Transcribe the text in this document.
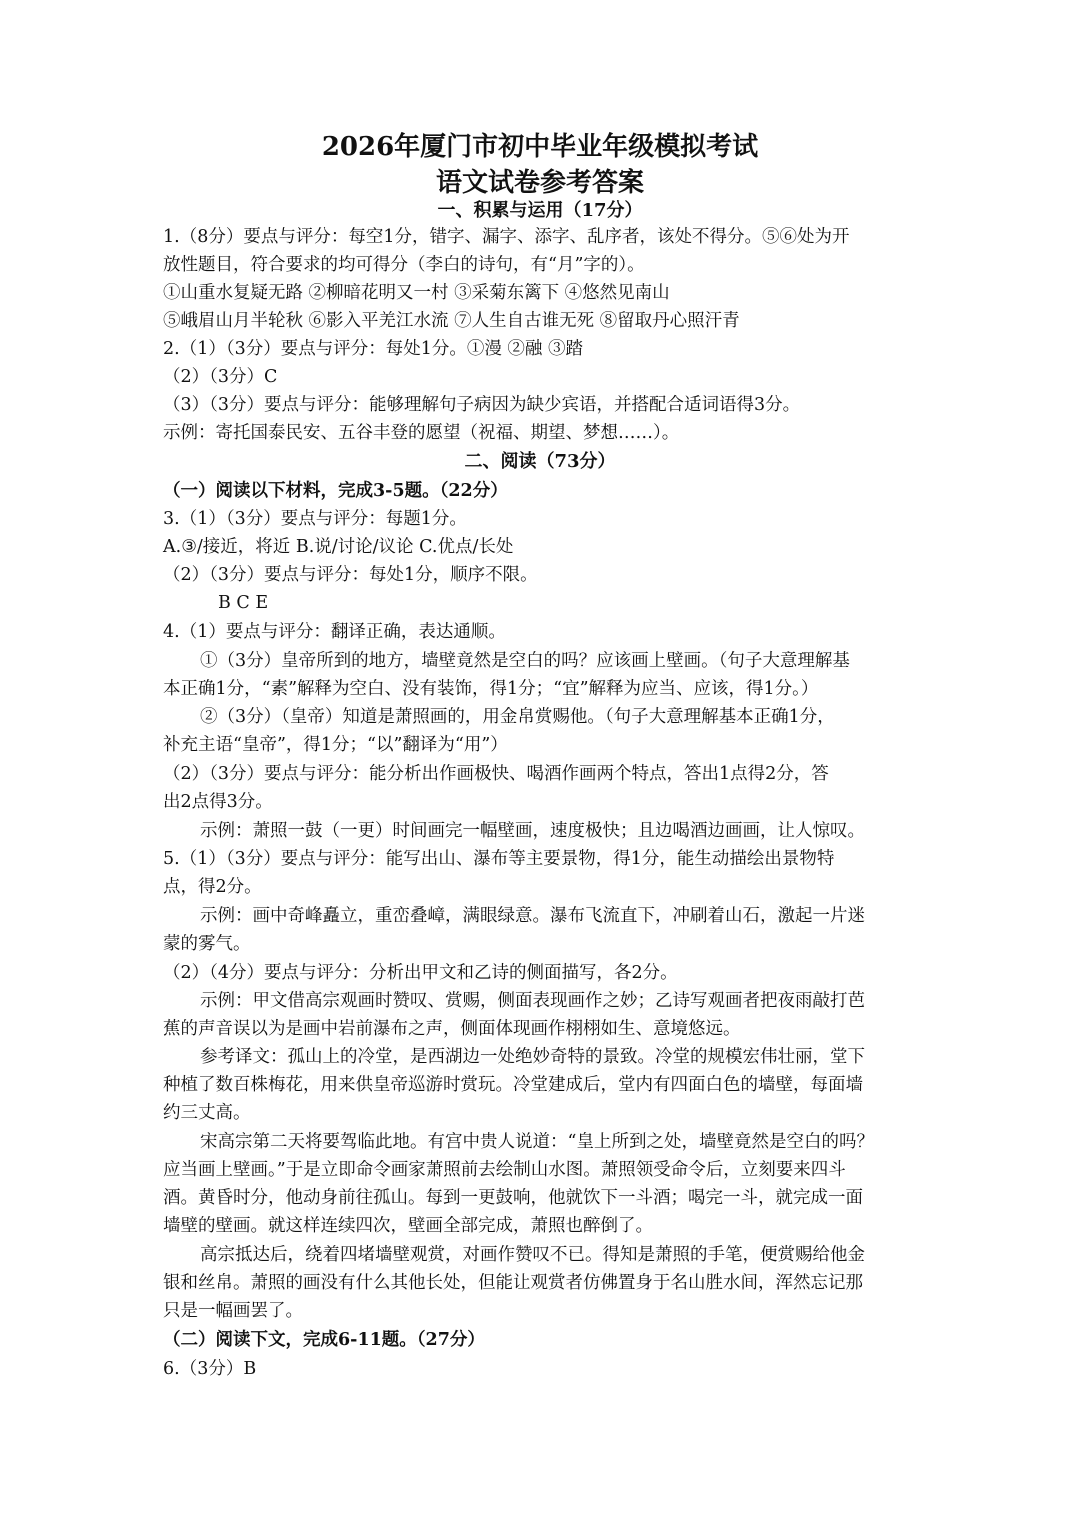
2026年厦门市初中毕业年级模拟考试
语文试卷参考答案
一、积累与运用（17分）
1.（8分）要点与评分：每空1分，错字、漏字、添字、乱序者，该处不得分。⑤⑥处为开
放性题目，符合要求的均可得分（李白的诗句，有“月”字的）。
①山重水复疑无路 ②柳暗花明又一村 ③采菊东篱下 ④悠然见南山
⑤峨眉山月半轮秋 ⑥影入平羌江水流 ⑦人生自古谁无死 ⑧留取丹心照汗青
2.（1）（3分）要点与评分：每处1分。①漫 ②融 ③踏
（2）（3分）C
（3）（3分）要点与评分：能够理解句子病因为缺少宾语，并搭配合适词语得3分。
示例：寄托国泰民安、五谷丰登的愿望（祝福、期望、梦想……）。
二、阅读（73分）
（一）阅读以下材料，完成3-5题。（22分）
3.（1）（3分）要点与评分：每题1分。
A.③/接近，将近 B.说/讨论/议论 C.优点/长处
（2）（3分）要点与评分：每处1分，顺序不限。
B C E
4.（1）要点与评分：翻译正确，表达通顺。
①（3分）皇帝所到的地方，墙壁竟然是空白的吗？应该画上壁画。（句子大意理解基
本正确1分，“素”解释为空白、没有装饰，得1分；“宜”解释为应当、应该，得1分。）
②（3分）（皇帝）知道是萧照画的，用金帛赏赐他。（句子大意理解基本正确1分，
补充主语“皇帝”，得1分；“以”翻译为“用”）
（2）（3分）要点与评分：能分析出作画极快、喝酒作画两个特点，答出1点得2分，答
出2点得3分。
示例：萧照一鼓（一更）时间画完一幅壁画，速度极快；且边喝酒边画画，让人惊叹。
5.（1）（3分）要点与评分：能写出山、瀑布等主要景物，得1分，能生动描绘出景物特
点，得2分。
示例：画中奇峰矗立，重峦叠嶂，满眼绿意。瀑布飞流直下，冲刷着山石，激起一片迷
蒙的雾气。
（2）（4分）要点与评分：分析出甲文和乙诗的侧面描写，各2分。
示例：甲文借高宗观画时赞叹、赏赐，侧面表现画作之妙；乙诗写观画者把夜雨敲打芭
蕉的声音误以为是画中岩前瀑布之声，侧面体现画作栩栩如生、意境悠远。
参考译文：孤山上的冷堂，是西湖边一处绝妙奇特的景致。冷堂的规模宏伟壮丽，堂下
种植了数百株梅花，用来供皇帝巡游时赏玩。冷堂建成后，堂内有四面白色的墙壁，每面墙
约三丈高。
宋高宗第二天将要驾临此地。有宫中贵人说道：“皇上所到之处，墙壁竟然是空白的吗？
应当画上壁画。”于是立即命令画家萧照前去绘制山水图。萧照领受命令后，立刻要来四斗
酒。黄昏时分，他动身前往孤山。每到一更鼓响，他就饮下一斗酒；喝完一斗，就完成一面
墙壁的壁画。就这样连续四次，壁画全部完成，萧照也醉倒了。
高宗抵达后，绕着四堵墙壁观赏，对画作赞叹不已。得知是萧照的手笔，便赏赐给他金
银和丝帛。萧照的画没有什么其他长处，但能让观赏者仿佛置身于名山胜水间，浑然忘记那
只是一幅画罢了。
（二）阅读下文，完成6-11题。（27分）
6.（3分）B
